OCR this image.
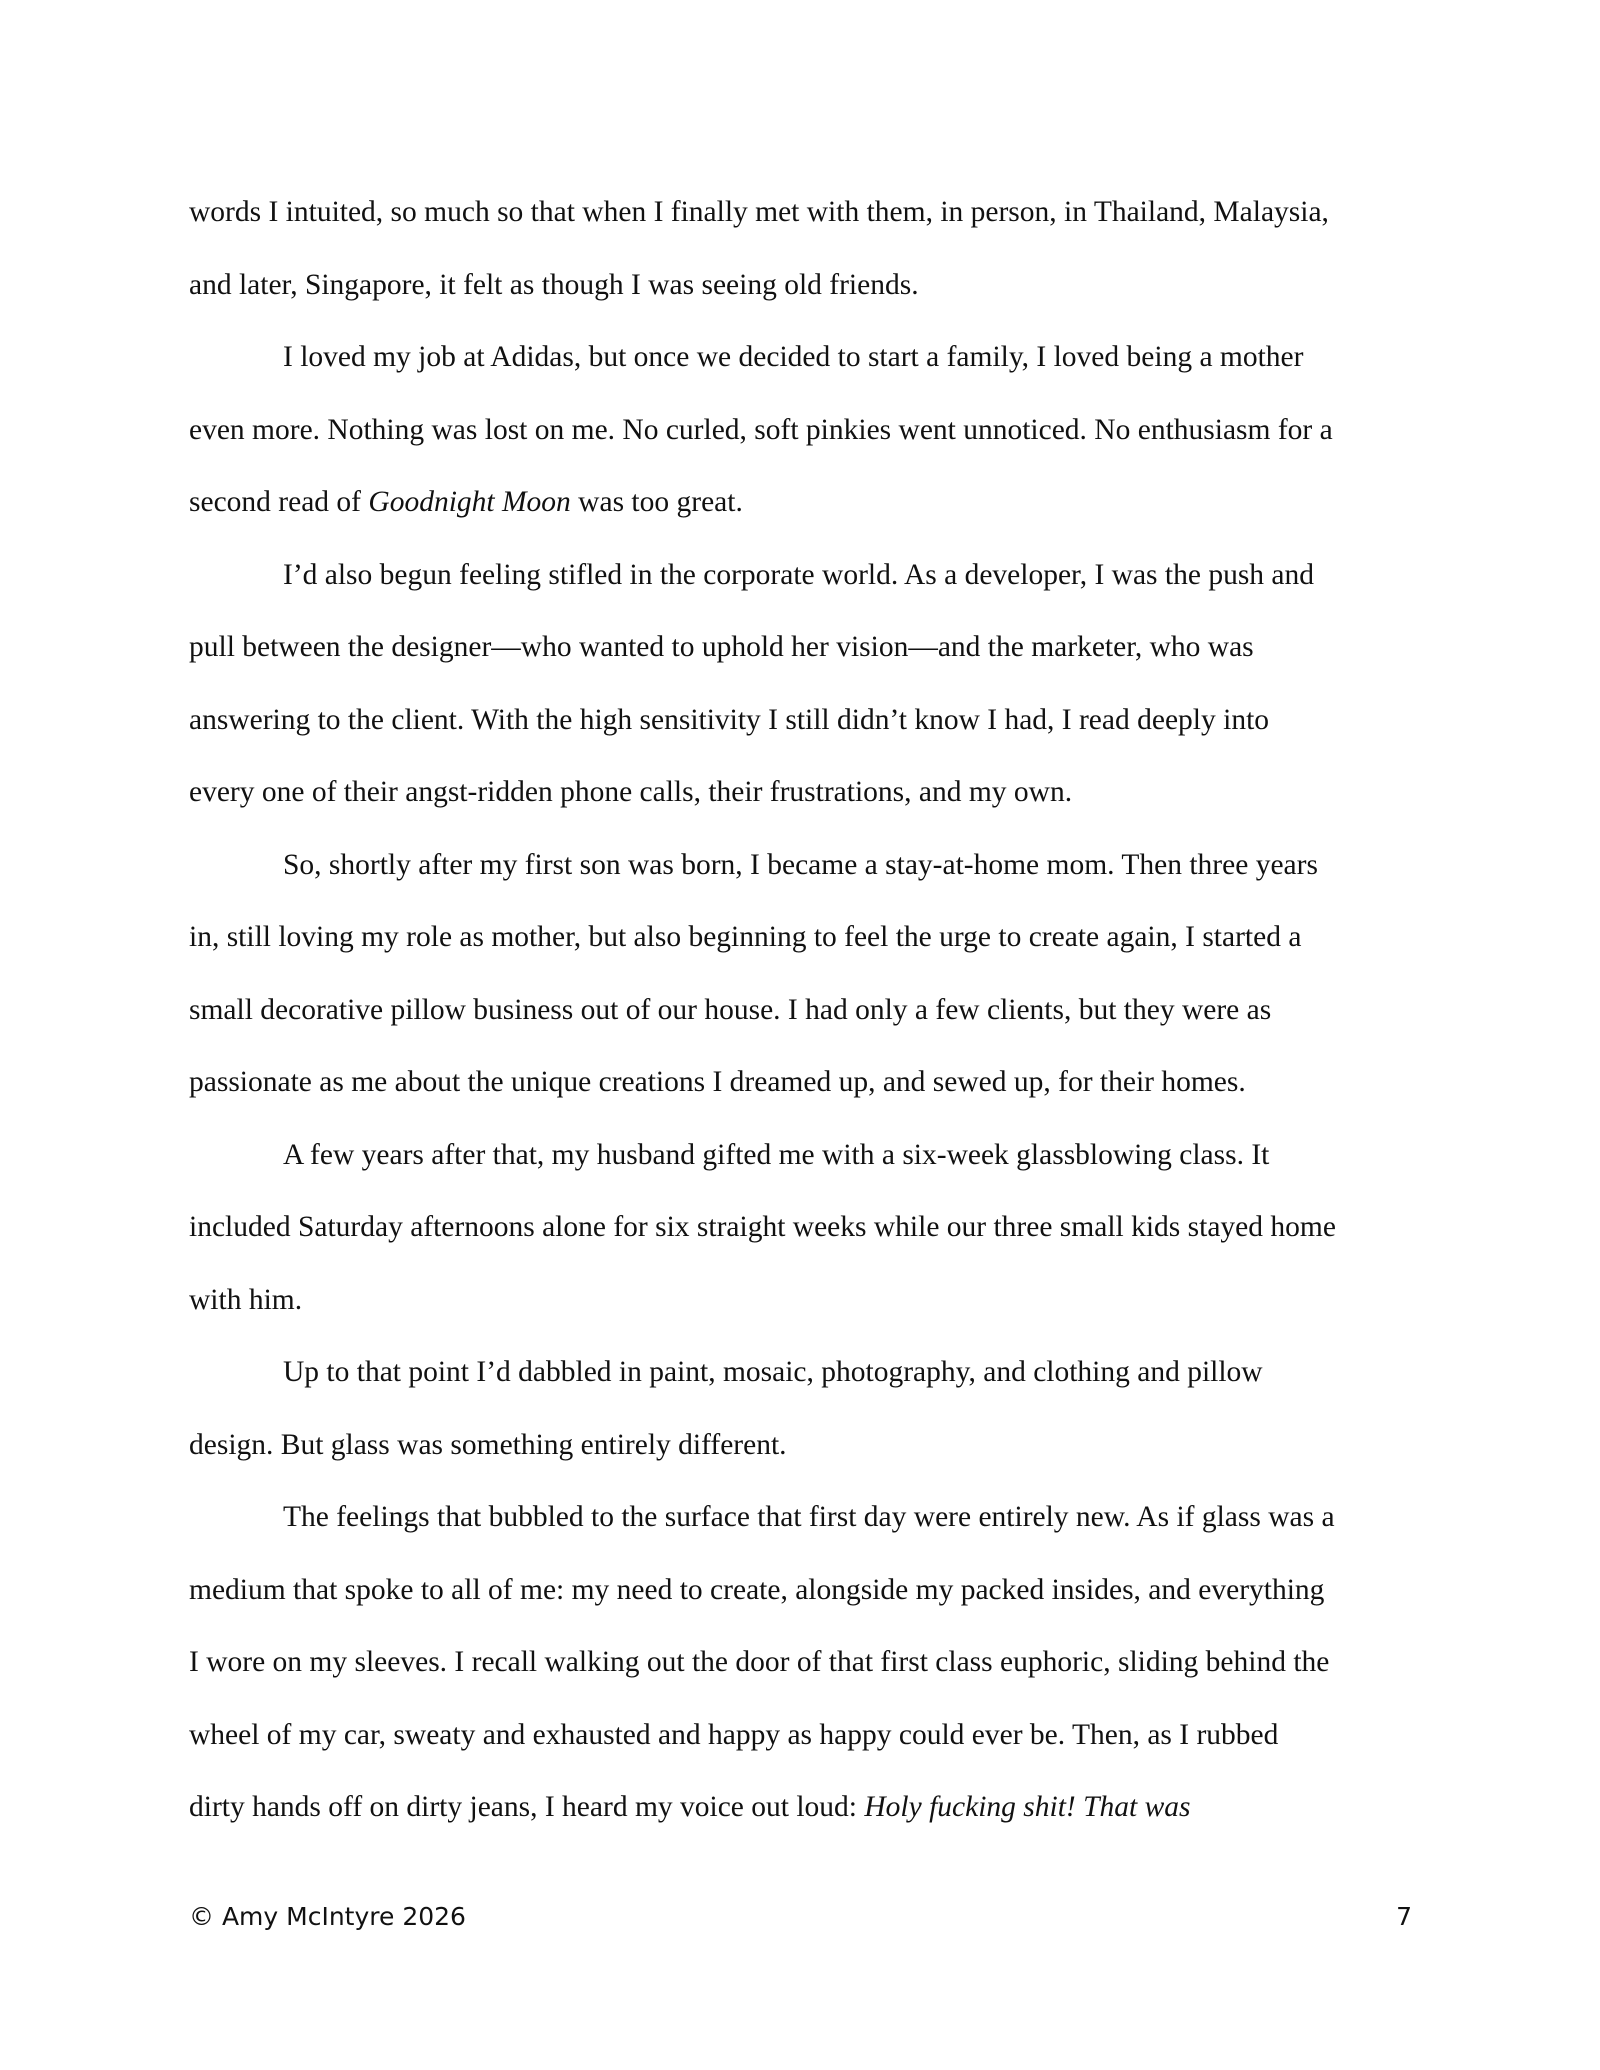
words I intuited, so much so that when I finally met with them, in person, in Thailand, Malaysia,
and later, Singapore, it felt as though I was seeing old friends.
I loved my job at Adidas, but once we decided to start a family, I loved being a mother
even more. Nothing was lost on me. No curled, soft pinkies went unnoticed. No enthusiasm for a
second read of Goodnight Moon was too great.
I’d also begun feeling stifled in the corporate world. As a developer, I was the push and
pull between the designer—who wanted to uphold her vision—and the marketer, who was
answering to the client. With the high sensitivity I still didn’t know I had, I read deeply into
every one of their angst-ridden phone calls, their frustrations, and my own.
So, shortly after my first son was born, I became a stay-at-home mom. Then three years
in, still loving my role as mother, but also beginning to feel the urge to create again, I started a
small decorative pillow business out of our house. I had only a few clients, but they were as
passionate as me about the unique creations I dreamed up, and sewed up, for their homes.
A few years after that, my husband gifted me with a six-week glassblowing class. It
included Saturday afternoons alone for six straight weeks while our three small kids stayed home
with him.
Up to that point I’d dabbled in paint, mosaic, photography, and clothing and pillow
design. But glass was something entirely different.
The feelings that bubbled to the surface that first day were entirely new. As if glass was a
medium that spoke to all of me: my need to create, alongside my packed insides, and everything
I wore on my sleeves. I recall walking out the door of that first class euphoric, sliding behind the
wheel of my car, sweaty and exhausted and happy as happy could ever be. Then, as I rubbed
dirty hands off on dirty jeans, I heard my voice out loud: Holy fucking shit! That was
© Amy McIntyre 2026	7
